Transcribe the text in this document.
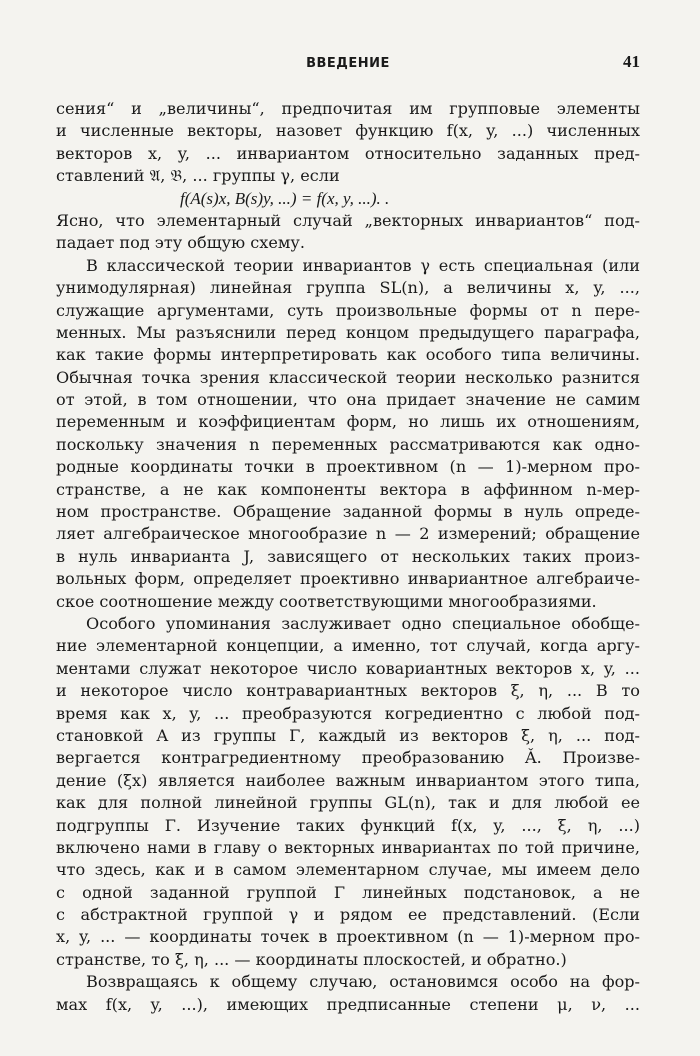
ВВЕДЕНИЕ	41
сения“ и „величины“, предпочитая им групповые элементы
и численные векторы, назовет функцию f(x, y, ...) численных
векторов x, y, ... инвариантом относительно заданных пред-
ставлений 𝔄, 𝔅, ... группы γ, если
f(A(s)x, B(s)y, ...) = f(x, y, ...). .
Ясно, что элементарный случай „векторных инвариантов“ под-
падает под эту общую схему.
В классической теории инвариантов γ есть специальная (или
унимодулярная) линейная группа SL(n), а величины x, y, ...,
служащие аргументами, суть произвольные формы от n пере-
менных. Мы разъяснили перед концом предыдущего параграфа,
как такие формы интерпретировать как особого типа величины.
Обычная точка зрения классической теории несколько разнится
от этой, в том отношении, что она придает значение не самим
переменным и коэффициентам форм, но лишь их отношениям,
поскольку значения n переменных рассматриваются как одно-
родные координаты точки в проективном (n — 1)-мерном про-
странстве, а не как компоненты вектора в аффинном n-мер-
ном пространстве. Обращение заданной формы в нуль опреде-
ляет алгебраическое многообразие n — 2 измерений; обращение
в нуль инварианта J, зависящего от нескольких таких произ-
вольных форм, определяет проективно инвариантное алгебраиче-
ское соотношение между соответствующими многообразиями.
Особого упоминания заслуживает одно специальное обобще-
ние элементарной концепции, а именно, тот случай, когда аргу-
ментами служат некоторое число ковариантных векторов x, y, ...
и некоторое число контравариантных векторов ξ, η, ... В то
время как x, y, ... преобразуются когредиентно с любой под-
становкой A из группы Γ, каждый из векторов ξ, η, ... под-
вергается контрагредиентному преобразованию Ǎ. Произве-
дение (ξx) является наиболее важным инвариантом этого типа,
как для полной линейной группы GL(n), так и для любой ее
подгруппы Γ. Изучение таких функций f(x, y, ..., ξ, η, ...)
включено нами в главу о векторных инвариантах по той причине,
что здесь, как и в самом элементарном случае, мы имеем дело
с одной заданной группой Γ линейных подстановок, а не
с абстрактной группой γ и рядом ее представлений. (Если
x, y, ... — координаты точек в проективном (n — 1)-мерном про-
странстве, то ξ, η, ... — координаты плоскостей, и обратно.)
Возвращаясь к общему случаю, остановимся особо на фор-
мах f(x, y, ...), имеющих предписанные степени μ, ν, ...
